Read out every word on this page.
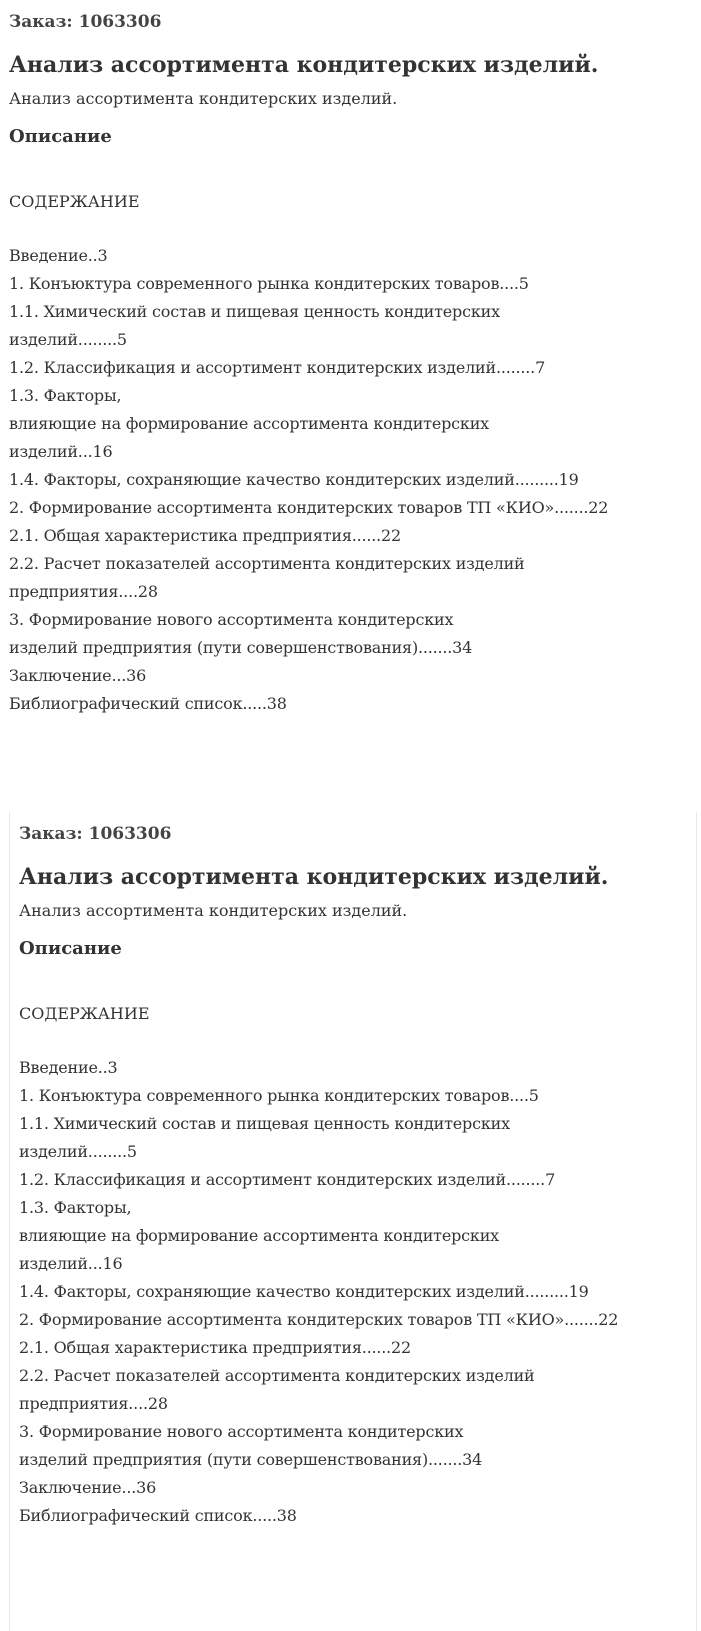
Заказ: 1063306
Анализ ассортимента кондитерских изделий.
Анализ ассортимента кондитерских изделий.
Описание
СОДЕРЖАНИЕ
Введение..3
1. Конъюктура современного рынка кондитерских товаров....5
1.1. Химический состав и пищевая ценность кондитерских
изделий........5
1.2. Классификация и ассортимент кондитерских изделий........7
1.3. Факторы,
влияющие на формирование ассортимента кондитерских
изделий...16
1.4. Факторы, сохраняющие качество кондитерских изделий.........19
2. Формирование ассортимента кондитерских товаров ТП «КИО».......22
2.1. Общая характеристика предприятия......22
2.2. Расчет показателей ассортимента кондитерских изделий
предприятия....28
3. Формирование нового ассортимента кондитерских
изделий предприятия (пути совершенствования).......34
Заключение...36
Библиографический список.....38
Заказ: 1063306
Анализ ассортимента кондитерских изделий.
Анализ ассортимента кондитерских изделий.
Описание
СОДЕРЖАНИЕ
Введение..3
1. Конъюктура современного рынка кондитерских товаров....5
1.1. Химический состав и пищевая ценность кондитерских
изделий........5
1.2. Классификация и ассортимент кондитерских изделий........7
1.3. Факторы,
влияющие на формирование ассортимента кондитерских
изделий...16
1.4. Факторы, сохраняющие качество кондитерских изделий.........19
2. Формирование ассортимента кондитерских товаров ТП «КИО».......22
2.1. Общая характеристика предприятия......22
2.2. Расчет показателей ассортимента кондитерских изделий
предприятия....28
3. Формирование нового ассортимента кондитерских
изделий предприятия (пути совершенствования).......34
Заключение...36
Библиографический список.....38
